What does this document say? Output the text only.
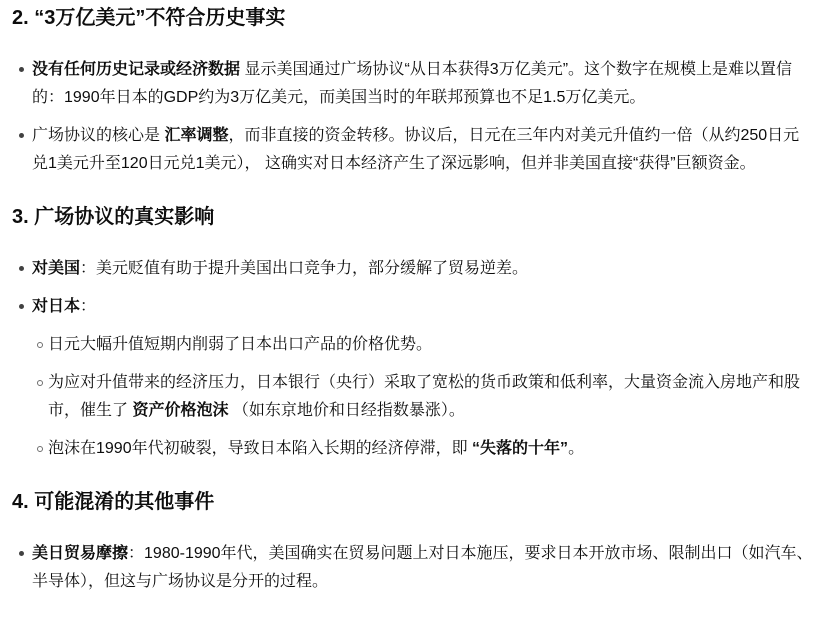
2. “3万亿美元”不符合历史事实
没有任何历史记录或经济数据 显示美国通过广场协议“从日本获得3万亿美元”。这个数字在规模上是难以置信的：1990年日本的GDP约为3万亿美元，而美国当时的年联邦预算也不足1.5万亿美元。
广场协议的核心是 汇率调整，而非直接的资金转移。协议后，日元在三年内对美元升值约一倍（从约250日元兑1美元升至120日元兑1美元）， 这确实对日本经济产生了深远影响，但并非美国直接“获得”巨额资金。
3. 广场协议的真实影响
对美国：美元贬值有助于提升美国出口竞争力，部分缓解了贸易逆差。
对日本：
日元大幅升值短期内削弱了日本出口产品的价格优势。
为应对升值带来的经济压力，日本银行（央行）采取了宽松的货币政策和低利率，大量资金流入房地产和股市，催生了 资产价格泡沫 （如东京地价和日经指数暴涨）。
泡沫在1990年代初破裂，导致日本陷入长期的经济停滞，即 “失落的十年”。
4. 可能混淆的其他事件
美日贸易摩擦：1980-1990年代，美国确实在贸易问题上对日本施压，要求日本开放市场、限制出口（如汽车、半导体），但这与广场协议是分开的过程。
